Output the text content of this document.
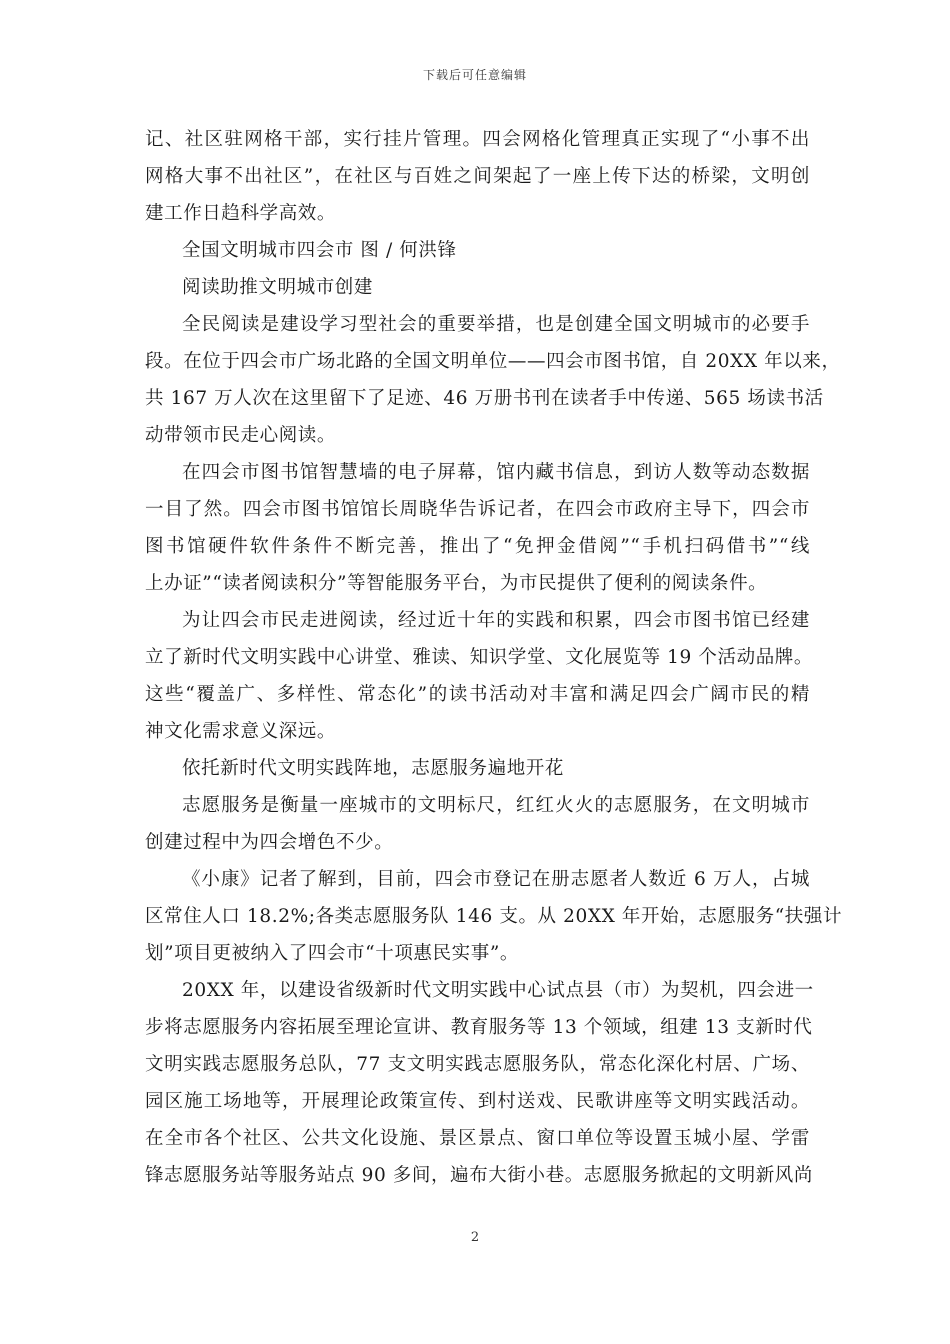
下载后可任意编辑
记、社区驻网格干部，实行挂片管理。四会网格化管理真正实现了“小事不出
网格大事不出社区”，在社区与百姓之间架起了一座上传下达的桥梁，文明创
建工作日趋科学高效。
全国文明城市四会市 图 / 何洪锋
阅读助推文明城市创建
全民阅读是建设学习型社会的重要举措，也是创建全国文明城市的必要手
段。在位于四会市广场北路的全国文明单位——四会市图书馆，自 20XX 年以来，
共 167 万人次在这里留下了足迹、46 万册书刊在读者手中传递、565 场读书活
动带领市民走心阅读。
在四会市图书馆智慧墙的电子屏幕，馆内藏书信息，到访人数等动态数据
一目了然。四会市图书馆馆长周晓华告诉记者，在四会市政府主导下，四会市
图书馆硬件软件条件不断完善，推出了“免押金借阅”“手机扫码借书”“线
上办证”“读者阅读积分”等智能服务平台，为市民提供了便利的阅读条件。
为让四会市民走进阅读，经过近十年的实践和积累，四会市图书馆已经建
立了新时代文明实践中心讲堂、雅读、知识学堂、文化展览等 19 个活动品牌。
这些“覆盖广、多样性、常态化”的读书活动对丰富和满足四会广阔市民的精
神文化需求意义深远。
依托新时代文明实践阵地，志愿服务遍地开花
志愿服务是衡量一座城市的文明标尺，红红火火的志愿服务，在文明城市
创建过程中为四会增色不少。
《小康》记者了解到，目前，四会市登记在册志愿者人数近 6 万人，占城
区常住人口 18.2%;各类志愿服务队 146 支。从 20XX 年开始，志愿服务“扶强计
划”项目更被纳入了四会市“十项惠民实事”。
20XX 年，以建设省级新时代文明实践中心试点县（市）为契机，四会进一
步将志愿服务内容拓展至理论宣讲、教育服务等 13 个领域，组建 13 支新时代
文明实践志愿服务总队，77 支文明实践志愿服务队，常态化深化村居、广场、
园区施工场地等，开展理论政策宣传、到村送戏、民歌讲座等文明实践活动。
在全市各个社区、公共文化设施、景区景点、窗口单位等设置玉城小屋、学雷
锋志愿服务站等服务站点 90 多间，遍布大街小巷。志愿服务掀起的文明新风尚
2
